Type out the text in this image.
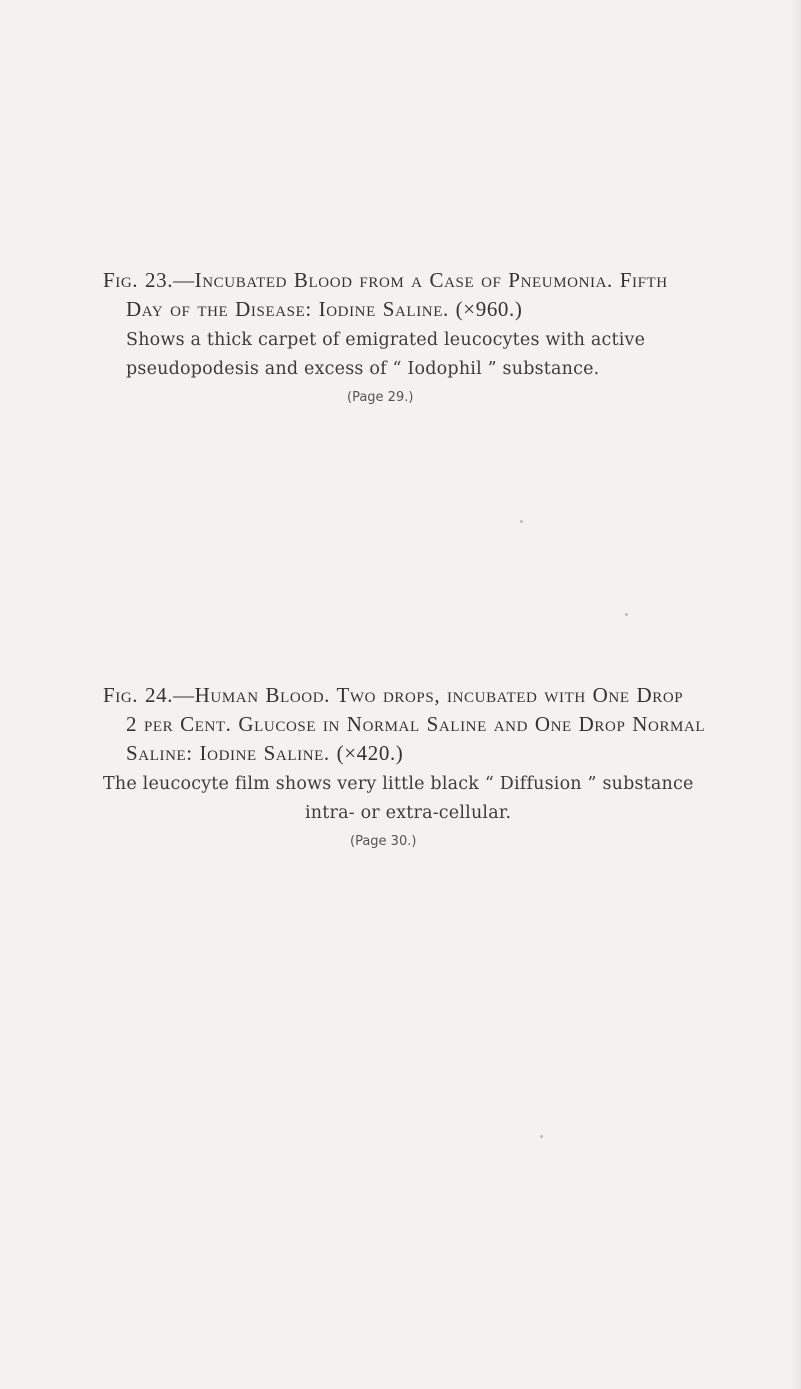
Fig. 23.—Incubated Blood from a Case of Pneumonia. Fifth
Day of the Disease: Iodine Saline. (×960.)
Shows a thick carpet of emigrated leucocytes with active
pseudopodesis and excess of “ Iodophil ” substance.
(Page 29.)
Fig. 24.—Human Blood. Two drops, incubated with One Drop
2 per Cent. Glucose in Normal Saline and One Drop Normal
Saline: Iodine Saline. (×420.)
The leucocyte film shows very little black “ Diffusion ” substance
intra- or extra-cellular.
(Page 30.)
